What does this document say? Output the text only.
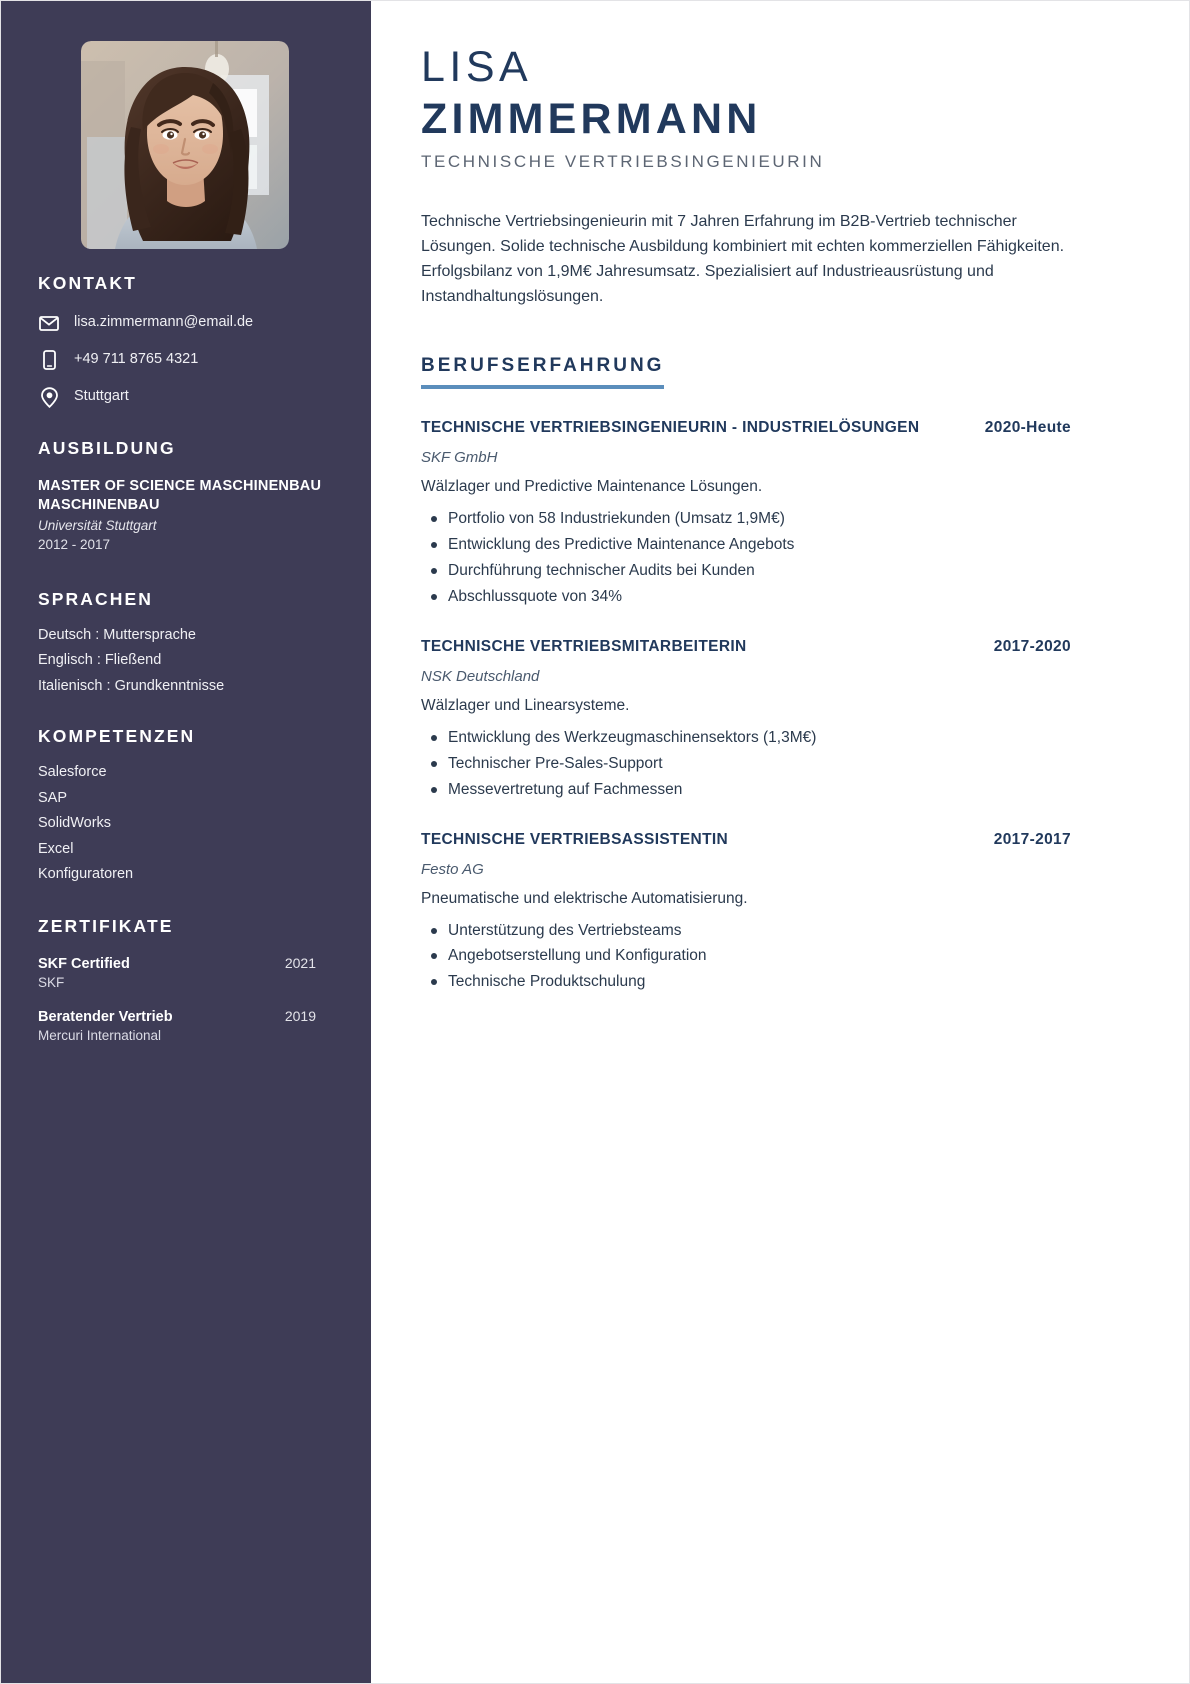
KONTAKT
lisa.zimmermann@email.de
+49 711 8765 4321
Stuttgart
AUSBILDUNG

MASTER OF SCIENCE MASCHINENBAU MASCHINENBAU

Universität Stuttgart

2012 - 2017

SPRACHEN
Deutsch : Muttersprache
Englisch : Fließend
Italienisch : Grundkenntnisse
KOMPETENZEN
Salesforce
SAP
SolidWorks
Excel
Konfiguratoren
ZERTIFIKATE
SKF Certified	2021
SKF
Beratender Vertrieb	2019
Mercuri International
LISA
ZIMMERMANN

TECHNISCHE VERTRIEBSINGENIEURIN

Technische Vertriebsingenieurin mit 7 Jahren Erfahrung im B2B-Vertrieb technischer Lösungen. Solide technische Ausbildung kombiniert mit echten kommerziellen Fähigkeiten. Erfolgsbilanz von 1,9M€ Jahresumsatz. Spezialisiert auf Industrieausrüstung und Instandhaltungslösungen.

BERUFSERFAHRUNG
TECHNISCHE VERTRIEBSINGENIEURIN - INDUSTRIELÖSUNGEN	2020-Heute

SKF GmbH

Wälzlager und Predictive Maintenance Lösungen.

Portfolio von 58 Industriekunden (Umsatz 1,9M€)
Entwicklung des Predictive Maintenance Angebots
Durchführung technischer Audits bei Kunden
Abschlussquote von 34%
TECHNISCHE VERTRIEBSMITARBEITERIN	2017-2020

NSK Deutschland

Wälzlager und Linearsysteme.

Entwicklung des Werkzeugmaschinensektors (1,3M€)
Technischer Pre-Sales-Support
Messevertretung auf Fachmessen
TECHNISCHE VERTRIEBSASSISTENTIN	2017-2017

Festo AG

Pneumatische und elektrische Automatisierung.

Unterstützung des Vertriebsteams
Angebotserstellung und Konfiguration
Technische Produktschulung
